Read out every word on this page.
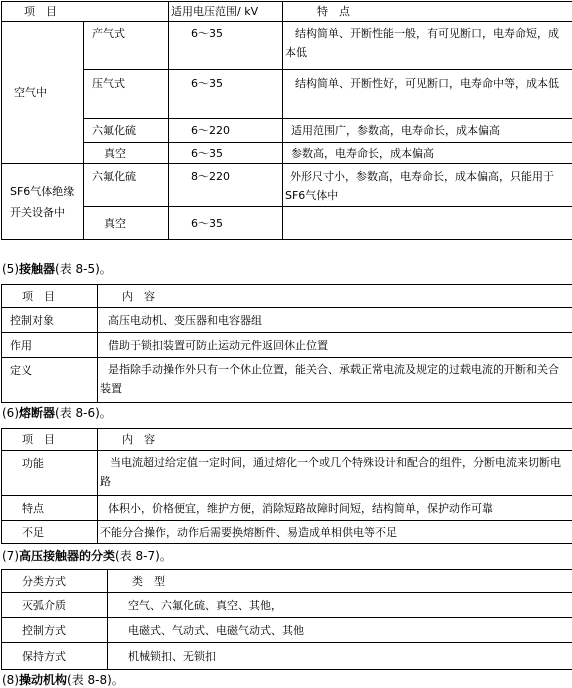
项　目		适用电压范围/ kV	特　点
空气中	产气式	6～35	结构简单、开断性能一般，有可见断口，电寿命短，成本低
	压气式	6～35	结构简单、开断性好，可见断口，电寿命中等，成本低
	六氟化硫	6～220	适用范围广，参数高，电寿命长，成本偏高
	真空	6～35	参数高，电寿命长，成本偏高

SF6气体绝缘开关设备中	六氟化硫	8～220	外形尺寸小，参数高，电寿命长，成本偏高，只能用于SF6气体中
	真空	6～35	
(5)接触器(表 8-5)。
项　目	内　容
控制对象	高压电动机、变压器和电容器组
作用	借助于锁扣装置可防止运动元件返回休止位置
定义	是指除手动操作外只有一个休止位置，能关合、承载正常电流及规定的过载电流的开断和关合装置
(6)熔断器(表 8-6)。
项　目	内　容
功能	当电流超过给定值一定时间，通过熔化一个或几个特殊设计和配合的组件，分断电流来切断电路
特点	体积小，价格便宜，维护方便，消除短路故障时间短，结构简单，保护动作可靠
不足	不能分合操作，动作后需要换熔断件、易造成单相供电等不足
(7)高压接触器的分类(表 8-7)。
分类方式	类　型
灭弧介质	空气、六氟化硫、真空、其他，
控制方式	电磁式、气动式、电磁气动式、其他
保持方式	机械锁扣、无锁扣
(8)操动机构(表 8-8)。
